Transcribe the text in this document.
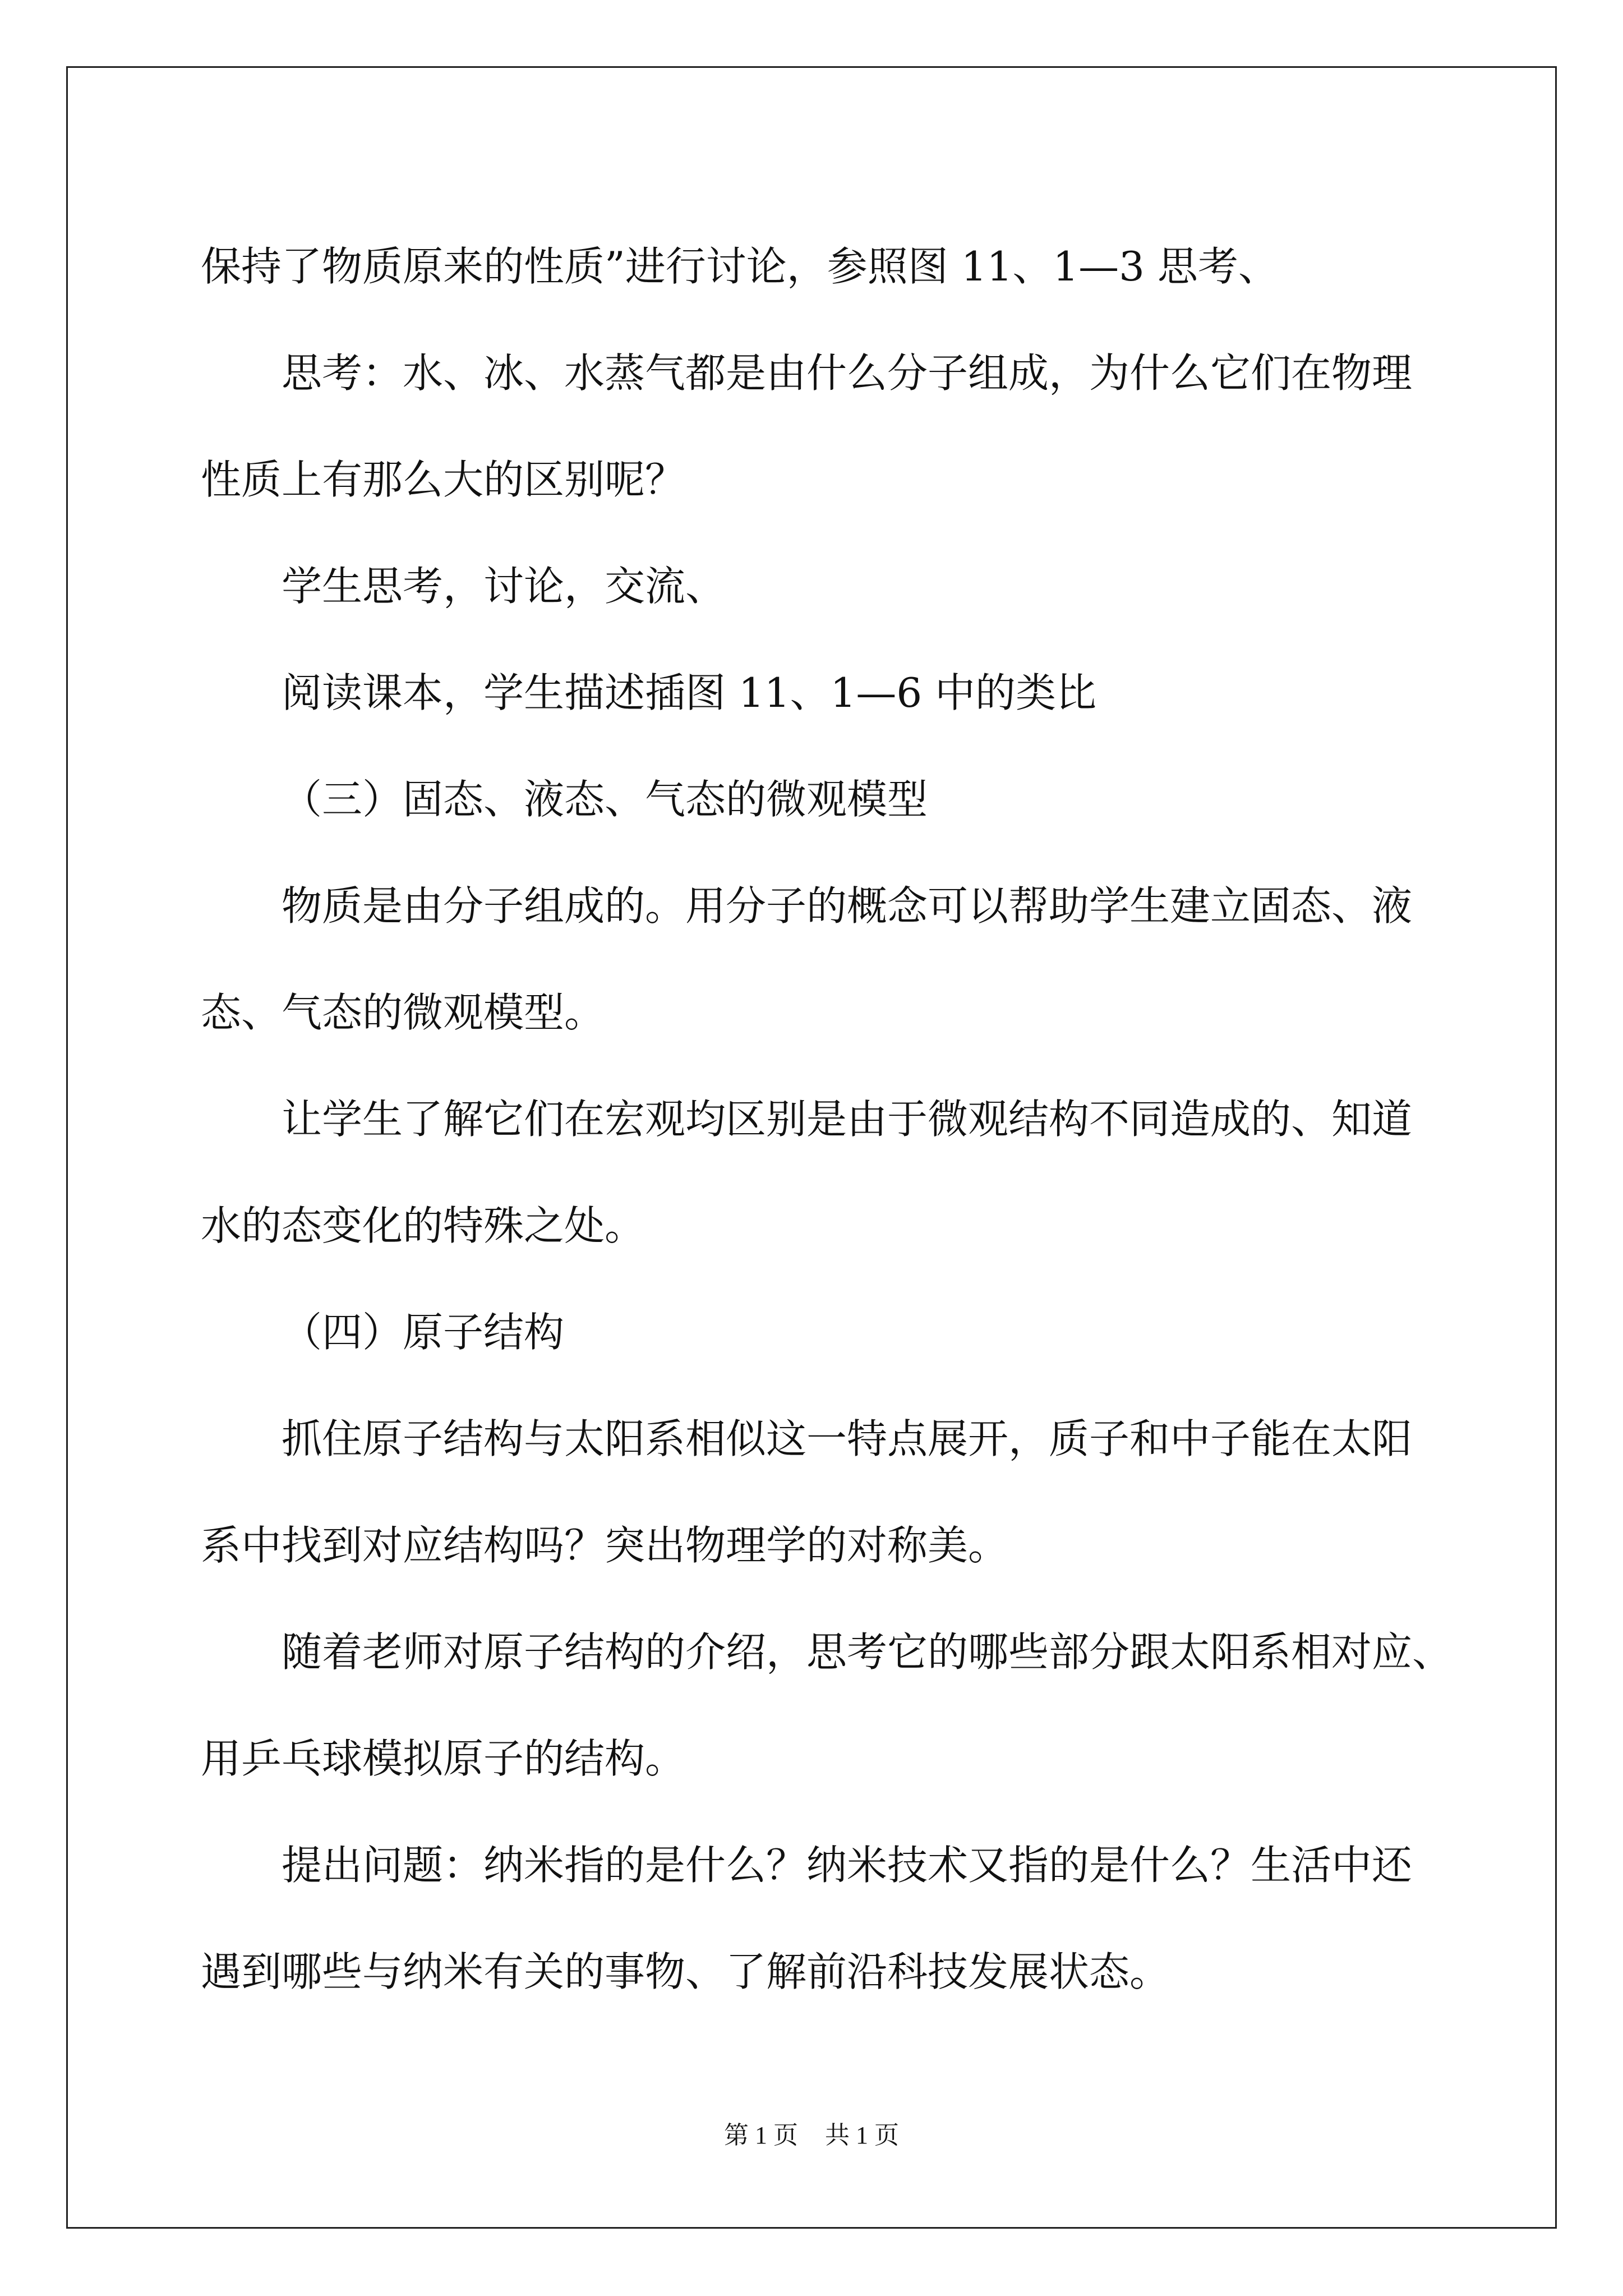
保持了物质原来的性质”进行讨论，参照图 11、1—3 思考、

思考：水、冰、水蒸气都是由什么分子组成，为什么它们在物理

性质上有那么大的区别呢？

学生思考，讨论，交流、

阅读课本，学生描述插图 11、1—6 中的类比

（三）固态、液态、气态的微观模型

物质是由分子组成的。用分子的概念可以帮助学生建立固态、液

态、气态的微观模型。

让学生了解它们在宏观均区别是由于微观结构不同造成的、知道

水的态变化的特殊之处。

（四）原子结构

抓住原子结构与太阳系相似这一特点展开，质子和中子能在太阳

系中找到对应结构吗？突出物理学的对称美。

随着老师对原子结构的介绍，思考它的哪些部分跟太阳系相对应、

用乒乓球模拟原子的结构。

提出问题：纳米指的是什么？纳米技术又指的是什么？生活中还

遇到哪些与纳米有关的事物、了解前沿科技发展状态。

第 1 页 共 1 页
